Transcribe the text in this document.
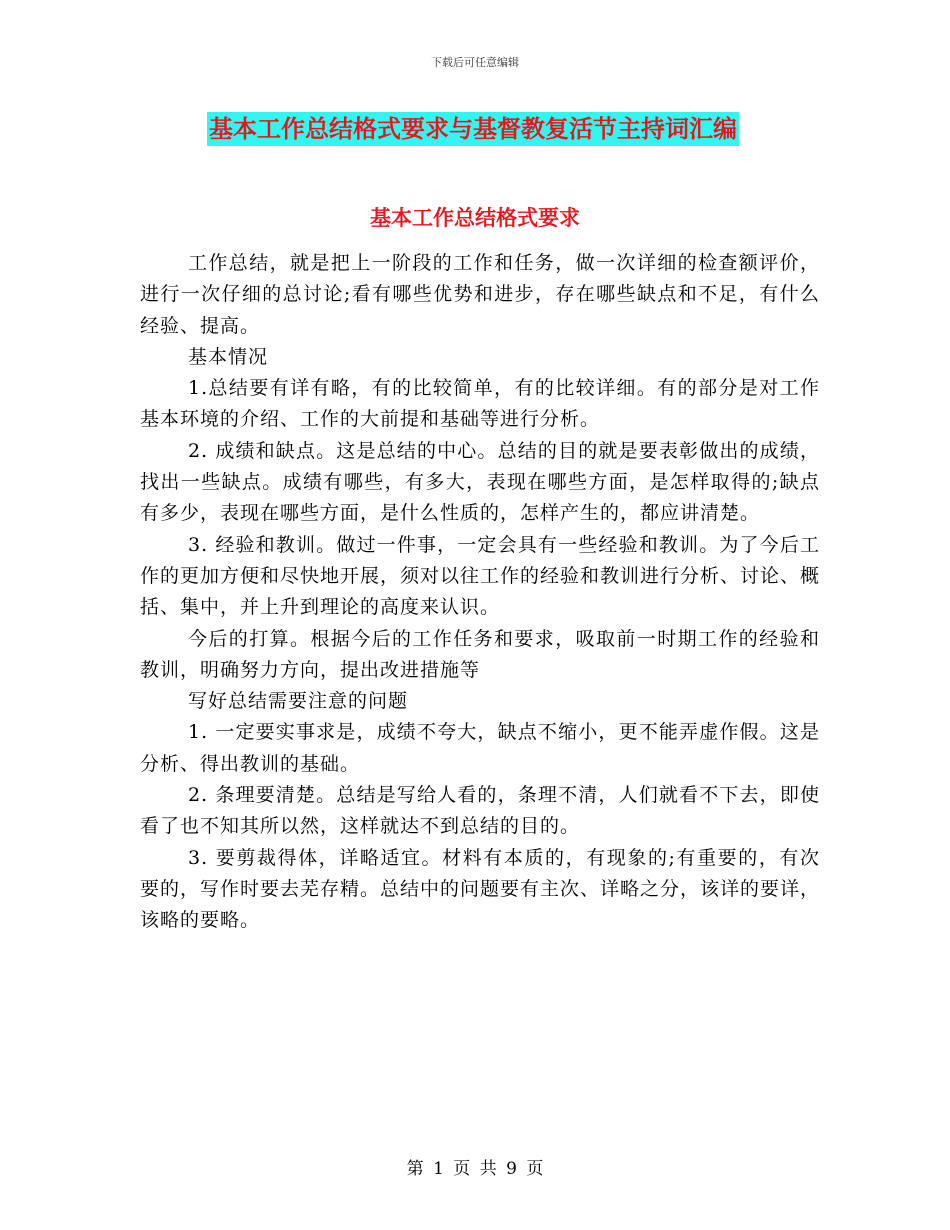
下载后可任意编辑
基本工作总结格式要求与基督教复活节主持词汇编
基本工作总结格式要求

工作总结，就是把上一阶段的工作和任务，做一次详细的检查额评价，进行一次仔细的总讨论;看有哪些优势和进步，存在哪些缺点和不足，有什么经验、提高。

基本情况

1.总结要有详有略，有的比较简单，有的比较详细。有的部分是对工作基本环境的介绍、工作的大前提和基础等进行分析。

2. 成绩和缺点。这是总结的中心。总结的目的就是要表彰做出的成绩，找出一些缺点。成绩有哪些，有多大，表现在哪些方面，是怎样取得的;缺点有多少，表现在哪些方面，是什么性质的，怎样产生的，都应讲清楚。

3. 经验和教训。做过一件事，一定会具有一些经验和教训。为了今后工作的更加方便和尽快地开展，须对以往工作的经验和教训进行分析、讨论、概括、集中，并上升到理论的高度来认识。

今后的打算。根据今后的工作任务和要求，吸取前一时期工作的经验和教训，明确努力方向，提出改进措施等

写好总结需要注意的问题

1. 一定要实事求是，成绩不夸大，缺点不缩小，更不能弄虚作假。这是分析、得出教训的基础。

2. 条理要清楚。总结是写给人看的，条理不清，人们就看不下去，即使看了也不知其所以然，这样就达不到总结的目的。

3. 要剪裁得体，详略适宜。材料有本质的，有现象的;有重要的，有次要的，写作时要去芜存精。总结中的问题要有主次、详略之分，该详的要详，该略的要略。

第 1 页 共 9 页
